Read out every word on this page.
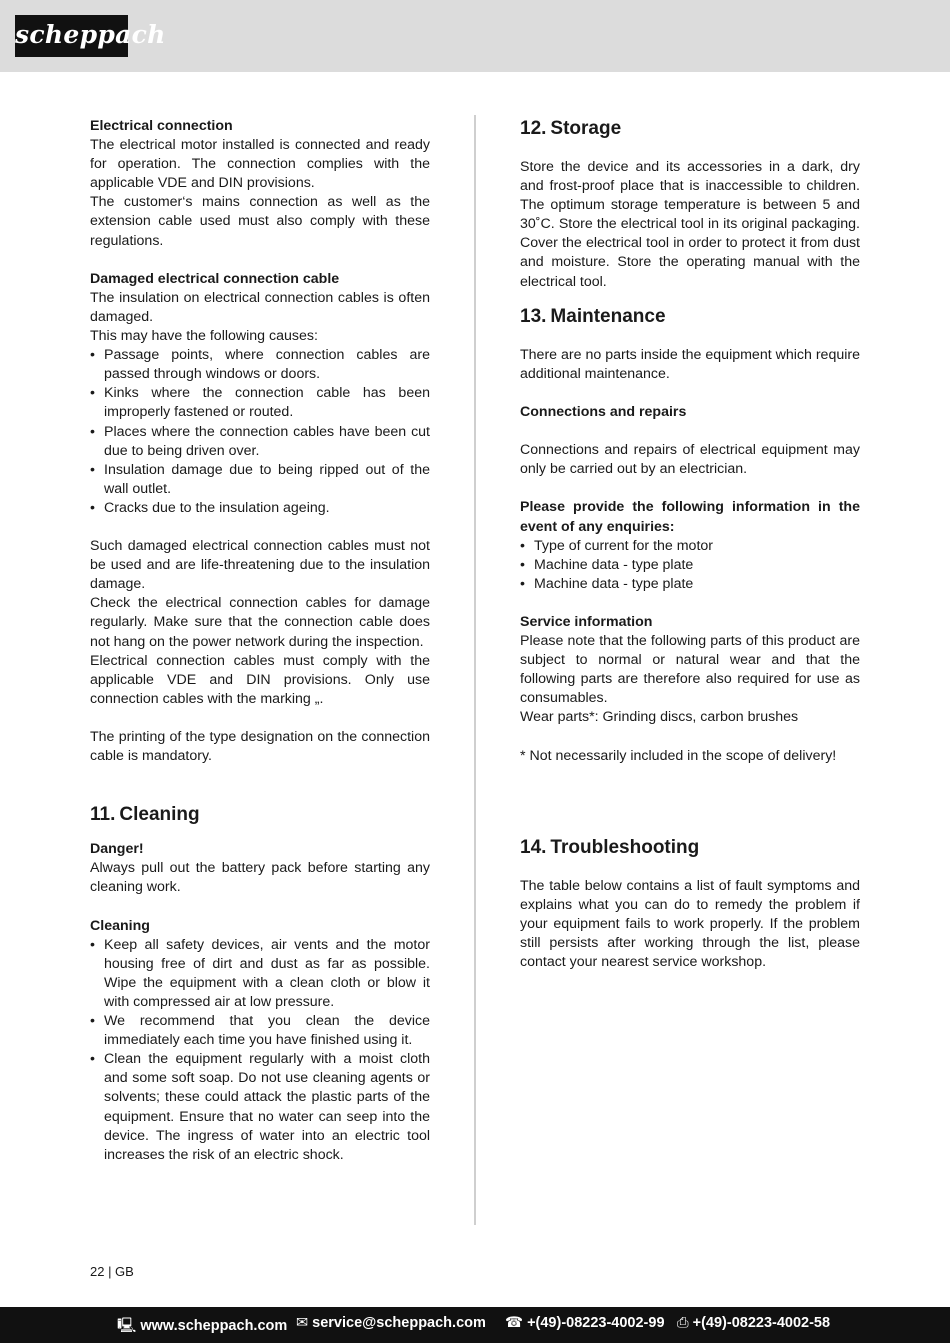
scheppach

Electrical connection

The electrical motor installed is connected and ready for operation. The connection complies with the applicable VDE and DIN provisions.

The customer‘s mains connection as well as the extension cable used must also comply with these regulations.

Damaged electrical connection cable

The insulation on electrical connection cables is often damaged.

This may have the following causes:

• Passage points, where connection cables are passed through windows or doors.
• Kinks where the connection cable has been improperly fastened or routed.
• Places where the connection cables have been cut due to being driven over.
• Insulation damage due to being ripped out of the wall outlet.
• Cracks due to the insulation ageing.

Such damaged electrical connection cables must not be used and are life-threatening due to the insulation damage.

Check the electrical connection cables for damage regularly. Make sure that the connection cable does not hang on the power network during the inspection.

Electrical connection cables must comply with the applicable VDE and DIN provisions. Only use connection cables with the marking „.

The printing of the type designation on the connection cable is mandatory.

11. Cleaning

Danger!

Always pull out the battery pack before starting any cleaning work.

Cleaning

• Keep all safety devices, air vents and the motor housing free of dirt and dust as far as possible. Wipe the equipment with a clean cloth or blow it with compressed air at low pressure.
• We recommend that you clean the device immediately each time you have finished using it.
• Clean the equipment regularly with a moist cloth and some soft soap. Do not use cleaning agents or solvents; these could attack the plastic parts of the equipment. Ensure that no water can seep into the device. The ingress of water into an electric tool increases the risk of an electric shock.

12. Storage

Store the device and its accessories in a dark, dry and frost-proof place that is inaccessible to children. The optimum storage temperature is between 5 and 30˚C. Store the electrical tool in its original packaging. Cover the electrical tool in order to protect it from dust and moisture. Store the operating manual with the electrical tool.

13. Maintenance

There are no parts inside the equipment which require additional maintenance.

Connections and repairs

Connections and repairs of electrical equipment may only be carried out by an electrician.

Please provide the following information in the event of any enquiries:

• Type of current for the motor
• Machine data - type plate
• Machine data - type plate

Service information

Please note that the following parts of this product are subject to normal or natural wear and that the following parts are therefore also required for use as consumables.

Wear parts*: Grinding discs, carbon brushes

* Not necessarily included in the scope of delivery!

14. Troubleshooting

The table below contains a list of fault symptoms and explains what you can do to remedy the problem if your equipment fails to work properly. If the problem still persists after working through the list, please contact your nearest service workshop.

22 | GB
🖳 www.scheppach.com ✉ service@scheppach.com ☎ +(49)-08223-4002-99 ⎙ +(49)-08223-4002-58
